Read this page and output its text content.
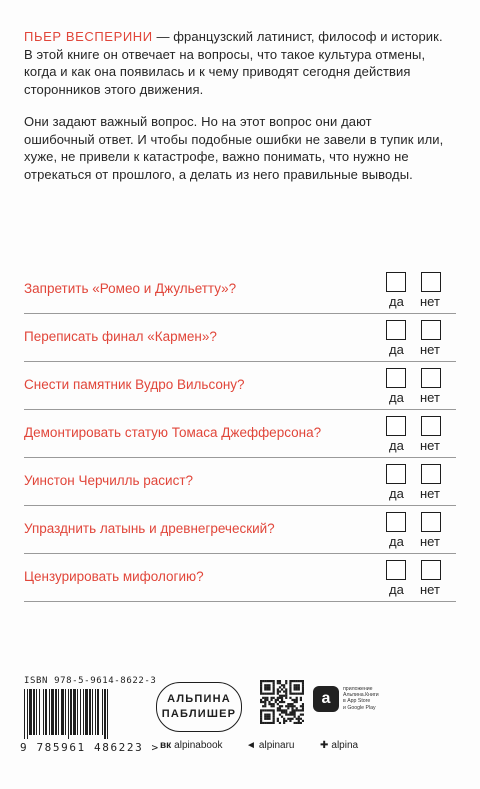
ПЬЕР ВЕСПЕРИНИ — французский латинист, философ и историк. В этой книге он отвечает на вопросы, что такое культура отмены, когда и как она появилась и к чему приводят сегодня действия сторонников этого движения.

Они задают важный вопрос. Но на этот вопрос они дают ошибочный ответ. И чтобы подобные ошибки не завели в тупик или, хуже, не привели к катастрофе, важно понимать, что нужно не отрекаться от прошлого, а делать из него правильные выводы.

Запретить «Ромео и Джульетту»?
да нет
Переписать финал «Кармен»?
да нет
Снести памятник Вудро Вильсону?
да нет
Демонтировать статую Томаса Джефферсона?
да нет
Уинстон Черчилль расист?
да нет
Упразднить латынь и древнегреческий?
да нет
Цензурировать мифологию?
да нет
ISBN 978-5-9614-8622-3
9 785961 486223 >
АЛЬПИНА
ПАБЛИШЕР
a
приложение
Альпина.Книги
в App Store
и Google Play
вк alpinabook ◄ alpinaru	✚ alpina
